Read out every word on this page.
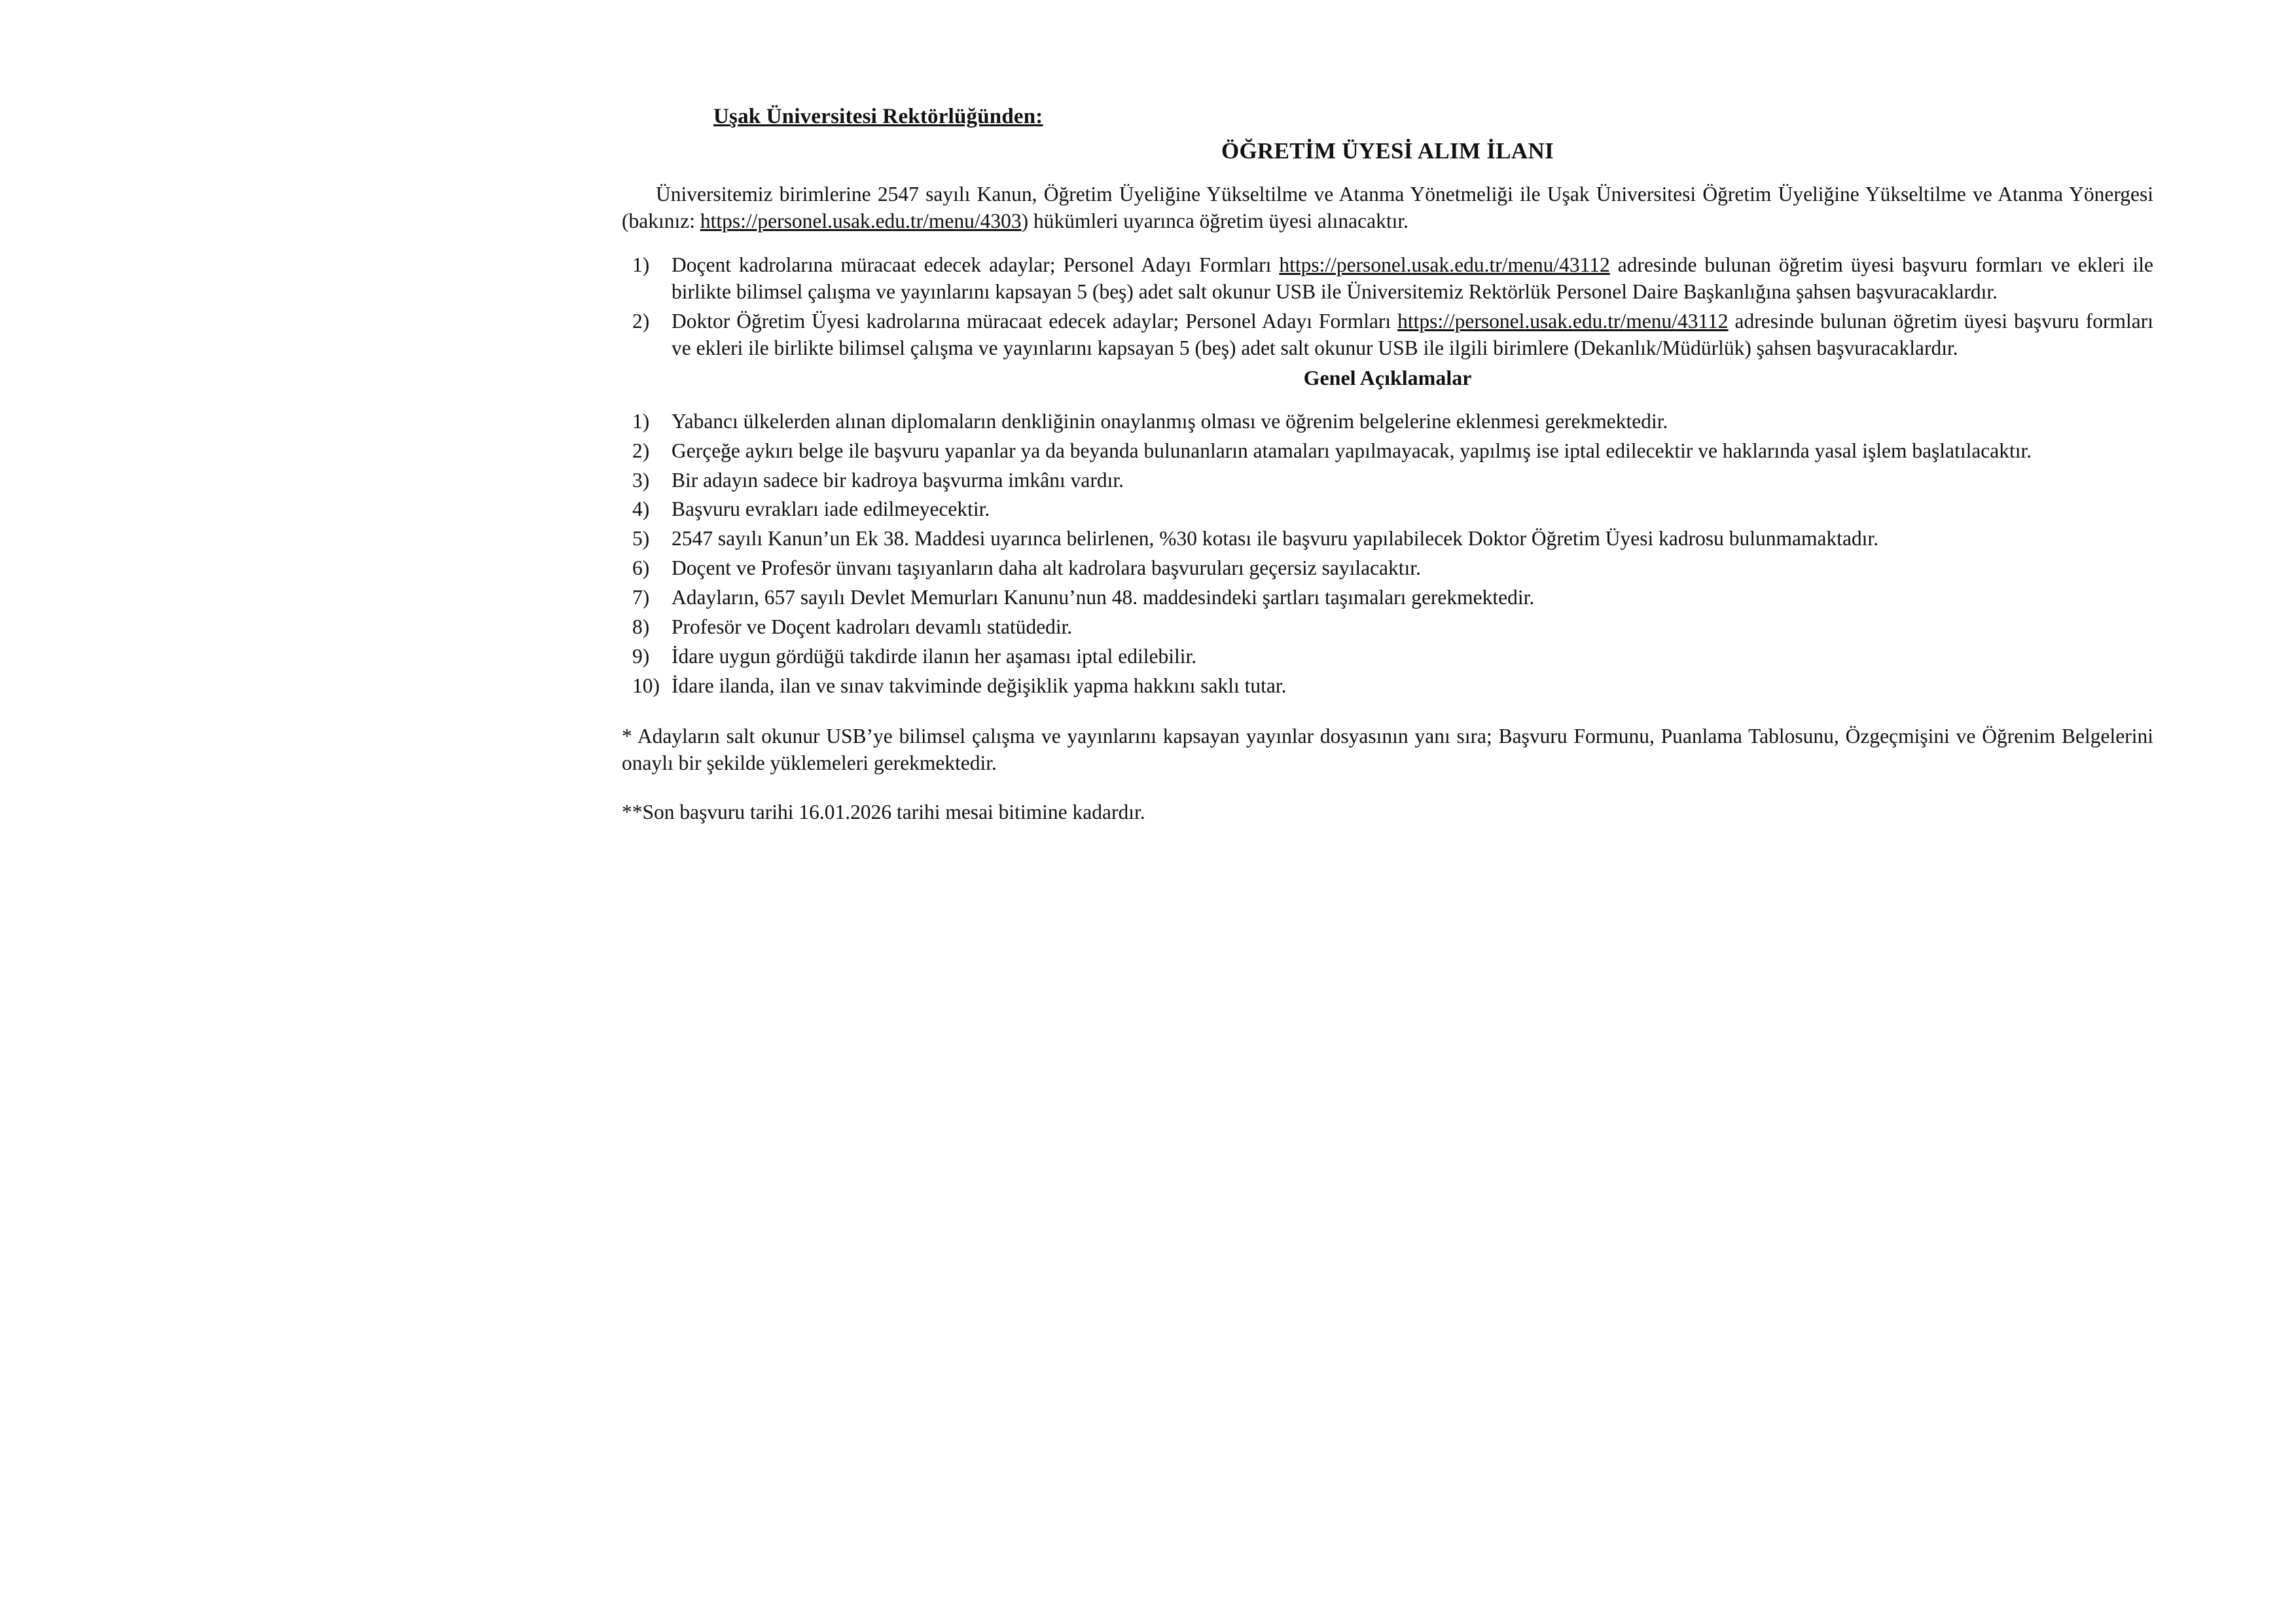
Uşak Üniversitesi Rektörlüğünden:
ÖĞRETİM ÜYESİ ALIM İLANI

Üniversitemiz birimlerine 2547 sayılı Kanun, Öğretim Üyeliğine Yükseltilme ve Atanma Yönetmeliği ile Uşak Üniversitesi Öğretim Üyeliğine Yükseltilme ve Atanma Yönergesi (bakınız: https://personel.usak.edu.tr/menu/4303) hükümleri uyarınca öğretim üyesi alınacaktır.

1)	Doçent kadrolarına müracaat edecek adaylar; Personel Adayı Formları https://personel.usak.edu.tr/menu/43112 adresinde bulunan öğretim üyesi başvuru formları ve ekleri ile birlikte bilimsel çalışma ve yayınlarını kapsayan 5 (beş) adet salt okunur USB ile Üniversitemiz Rektörlük Personel Daire Başkanlığına şahsen başvuracaklardır.
2)	Doktor Öğretim Üyesi kadrolarına müracaat edecek adaylar; Personel Adayı Formları https://personel.usak.edu.tr/menu/43112 adresinde bulunan öğretim üyesi başvuru formları ve ekleri ile birlikte bilimsel çalışma ve yayınlarını kapsayan 5 (beş) adet salt okunur USB ile ilgili birimlere (Dekanlık/Müdürlük) şahsen başvuracaklardır.
Genel Açıklamalar
1)	Yabancı ülkelerden alınan diplomaların denkliğinin onaylanmış olması ve öğrenim belgelerine eklenmesi gerekmektedir.
2)	Gerçeğe aykırı belge ile başvuru yapanlar ya da beyanda bulunanların atamaları yapılmayacak, yapılmış ise iptal edilecektir ve haklarında yasal işlem başlatılacaktır.
3)	Bir adayın sadece bir kadroya başvurma imkânı vardır.
4)	Başvuru evrakları iade edilmeyecektir.
5)	2547 sayılı Kanun’un Ek 38. Maddesi uyarınca belirlenen, %30 kotası ile başvuru yapılabilecek Doktor Öğretim Üyesi kadrosu bulunmamaktadır.
6)	Doçent ve Profesör ünvanı taşıyanların daha alt kadrolara başvuruları geçersiz sayılacaktır.
7)	Adayların, 657 sayılı Devlet Memurları Kanunu’nun 48. maddesindeki şartları taşımaları gerekmektedir.
8)	Profesör ve Doçent kadroları devamlı statüdedir.
9)	İdare uygun gördüğü takdirde ilanın her aşaması iptal edilebilir.
10) İdare ilanda, ilan ve sınav takviminde değişiklik yapma hakkını saklı tutar.

* Adayların salt okunur USB’ye bilimsel çalışma ve yayınlarını kapsayan yayınlar dosyasının yanı sıra; Başvuru Formunu, Puanlama Tablosunu, Özgeçmişini ve Öğrenim Belgelerini onaylı bir şekilde yüklemeleri gerekmektedir.

**Son başvuru tarihi 16.01.2026 tarihi mesai bitimine kadardır.
